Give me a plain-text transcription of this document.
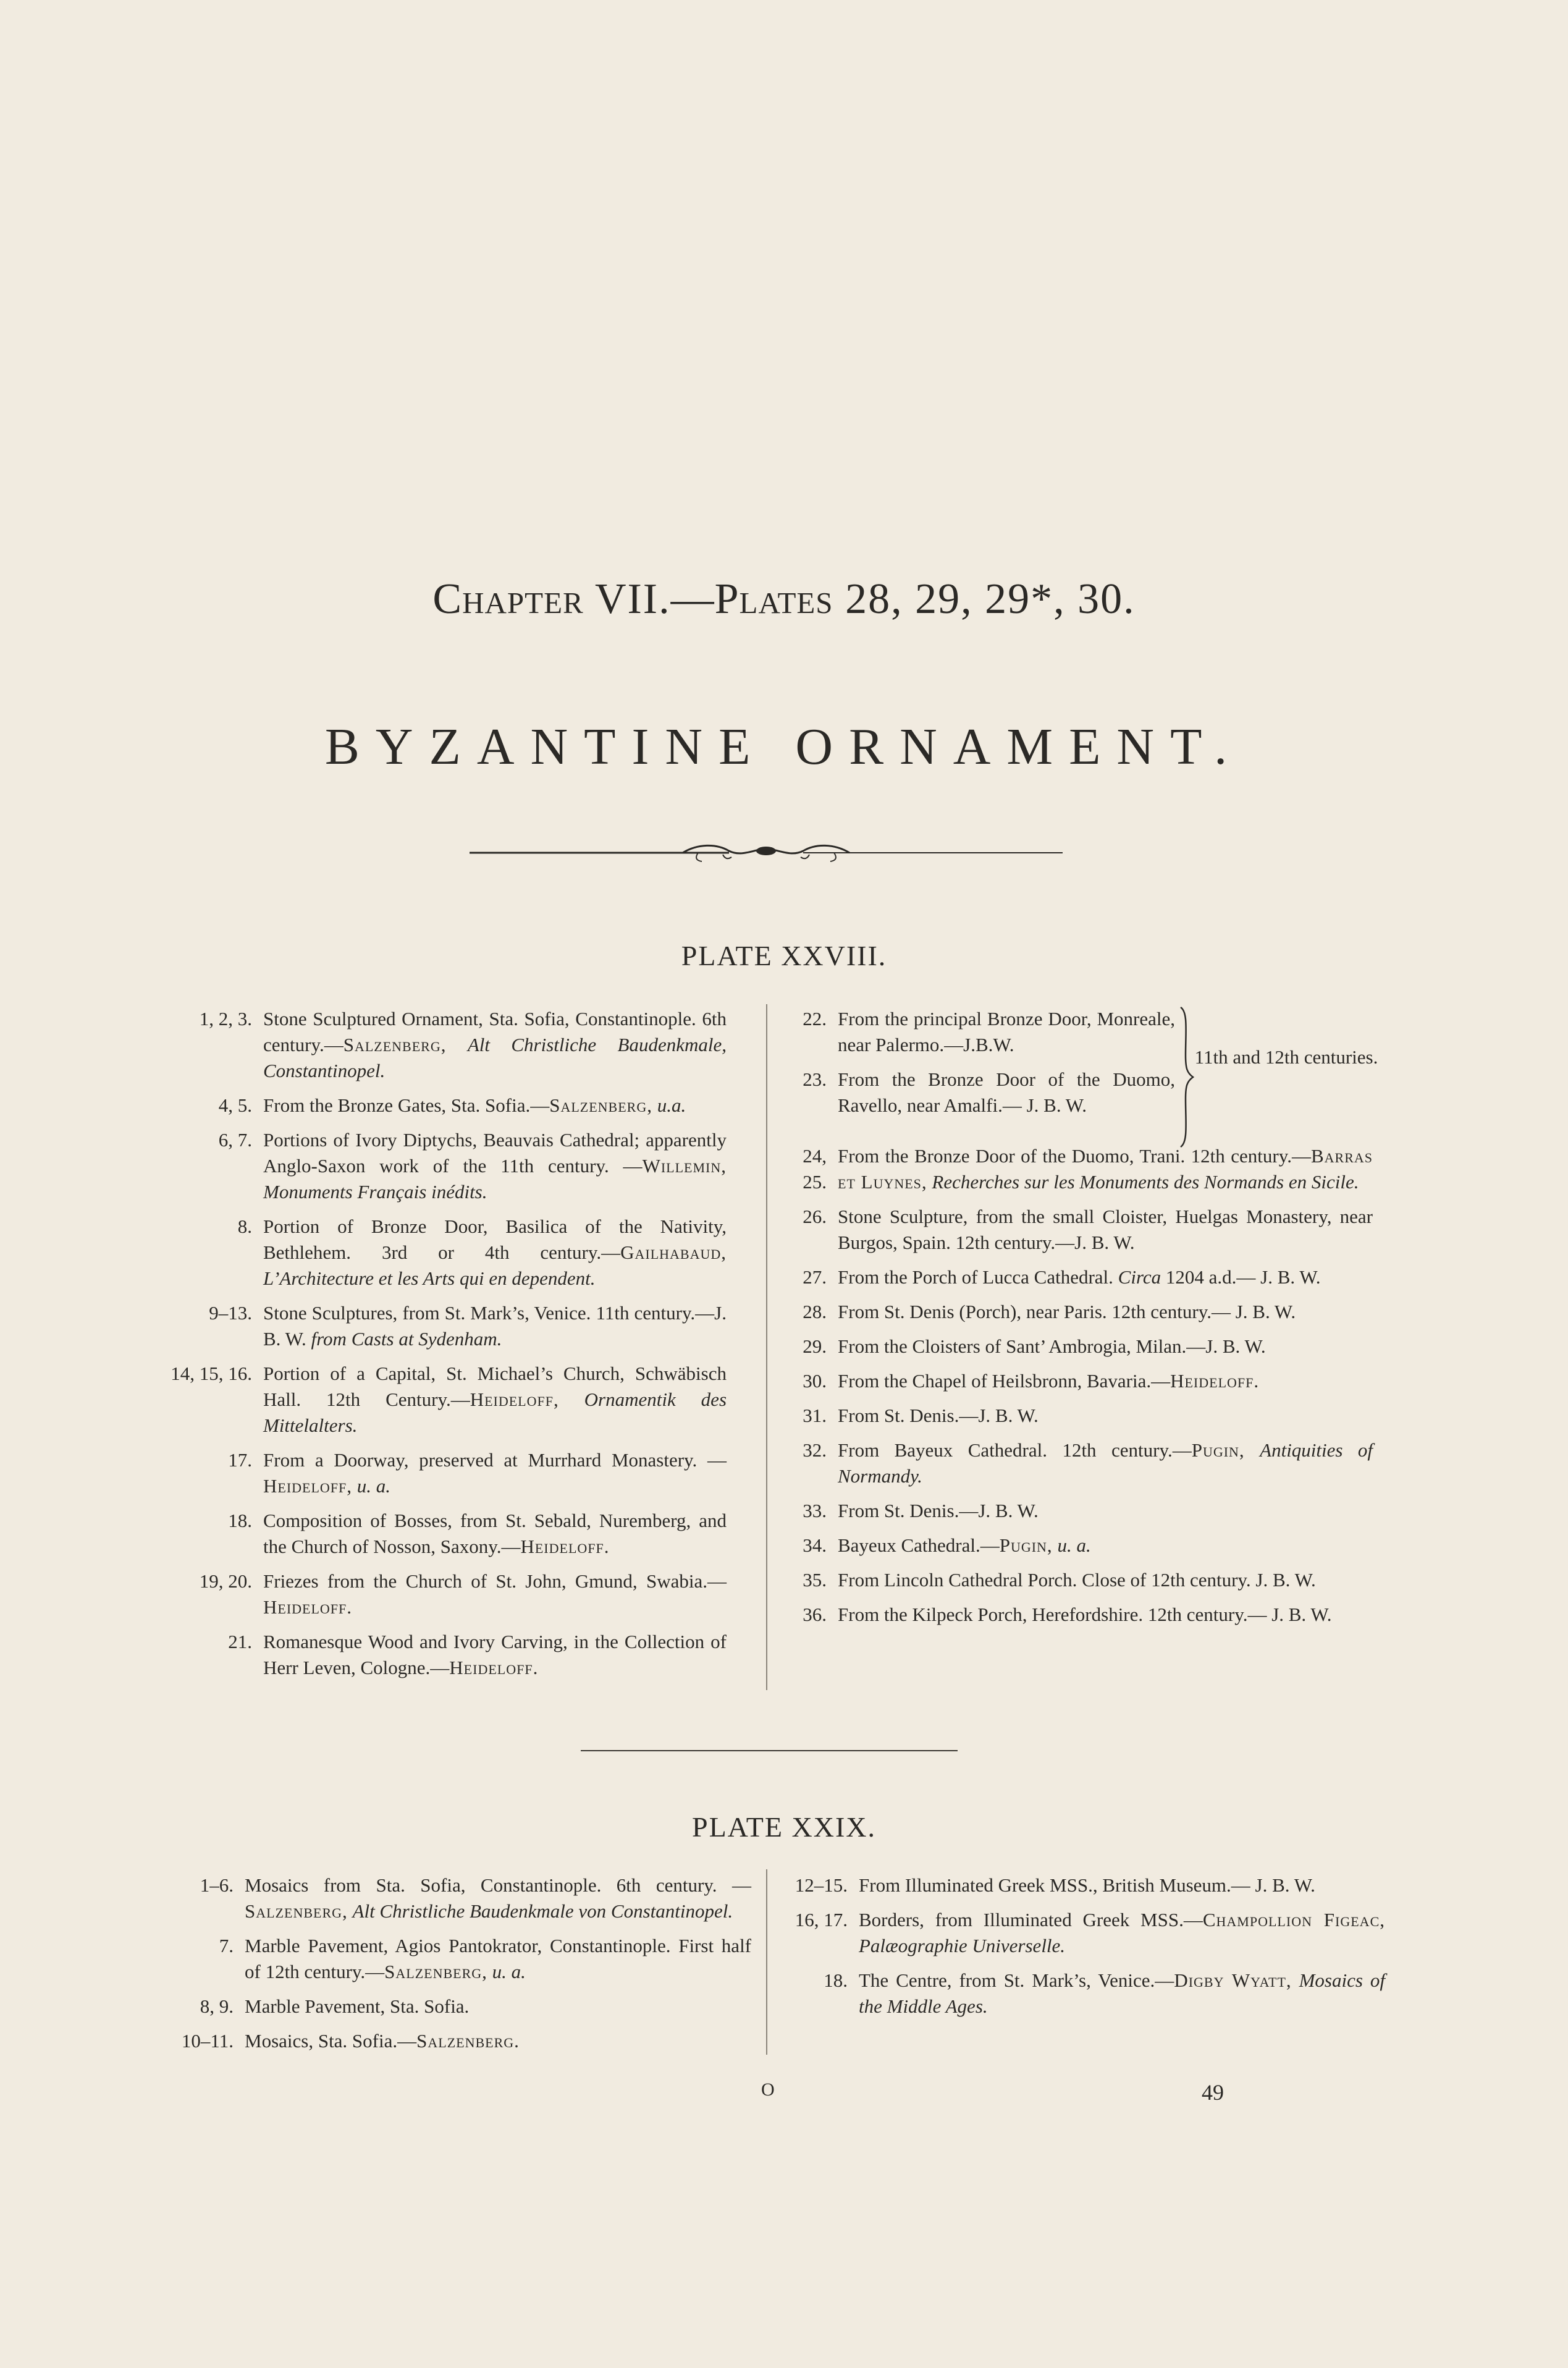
Chapter VII.—Plates 28, 29, 29*, 30.
BYZANTINE ORNAMENT.
PLATE XXVIII.
1, 2, 3. Stone Sculptured Ornament, Sta. Sofia, Constantinople. 6th century.—Salzenberg, Alt Christliche Baudenkmale, Constantinopel.
4, 5. From the Bronze Gates, Sta. Sofia.—Salzenberg, u.a.
6, 7. Portions of Ivory Diptychs, Beauvais Cathedral; apparently Anglo-Saxon work of the 11th century. —Willemin, Monuments Français inédits.
8. Portion of Bronze Door, Basilica of the Nativity, Bethlehem. 3rd or 4th century.—Gailhabaud, L’Architecture et les Arts qui en dependent.
9–13. Stone Sculptures, from St. Mark’s, Venice. 11th century.—J. B. W. from Casts at Sydenham.
14, 15, 16. Portion of a Capital, St. Michael’s Church, Schwäbisch Hall. 12th Century.—Heideloff, Ornamentik des Mittelalters.
17. From a Doorway, preserved at Murrhard Monastery. —Heideloff, u. a.
18. Composition of Bosses, from St. Sebald, Nuremberg, and the Church of Nosson, Saxony.—Heideloff.
19, 20. Friezes from the Church of St. John, Gmund, Swabia.—Heideloff.
21. Romanesque Wood and Ivory Carving, in the Collection of Herr Leven, Cologne.—Heideloff.
22. From the principal Bronze Door, Monreale, near Palermo.—J.B.W.
23. From the Bronze Door of the Duomo, Ravello, near Amalfi.— J. B. W.
11th and 12th centuries.
24, 25.
From the Bronze Door of the Duomo, Trani. 12th century.—Barras et Luynes, Recherches sur les Monuments des Normands en Sicile.
26. Stone Sculpture, from the small Cloister, Huelgas Monastery, near Burgos, Spain. 12th century.—J. B. W.
27. From the Porch of Lucca Cathedral. Circa 1204 a.d.— J. B. W.
28. From St. Denis (Porch), near Paris. 12th century.— J. B. W.
29. From the Cloisters of Sant’ Ambrogia, Milan.—J. B. W.
30. From the Chapel of Heilsbronn, Bavaria.—Heideloff.
31. From St. Denis.—J. B. W.
32. From Bayeux Cathedral. 12th century.—Pugin, Antiquities of Normandy.
33. From St. Denis.—J. B. W.
34. Bayeux Cathedral.—Pugin, u. a.
35. From Lincoln Cathedral Porch. Close of 12th century. J. B. W.
36. From the Kilpeck Porch, Herefordshire. 12th century.— J. B. W.
PLATE XXIX.
1–6. Mosaics from Sta. Sofia, Constantinople. 6th century. —Salzenberg, Alt Christliche Baudenkmale von Constantinopel.
7. Marble Pavement, Agios Pantokrator, Constantinople. First half of 12th century.—Salzenberg, u. a.
8, 9. Marble Pavement, Sta. Sofia.
10–11. Mosaics, Sta. Sofia.—Salzenberg.
12–15. From Illuminated Greek MSS., British Museum.— J. B. W.
16, 17. Borders, from Illuminated Greek MSS.—Champollion Figeac, Palæographie Universelle.
18. The Centre, from St. Mark’s, Venice.—Digby Wyatt, Mosaics of the Middle Ages.
O	49
